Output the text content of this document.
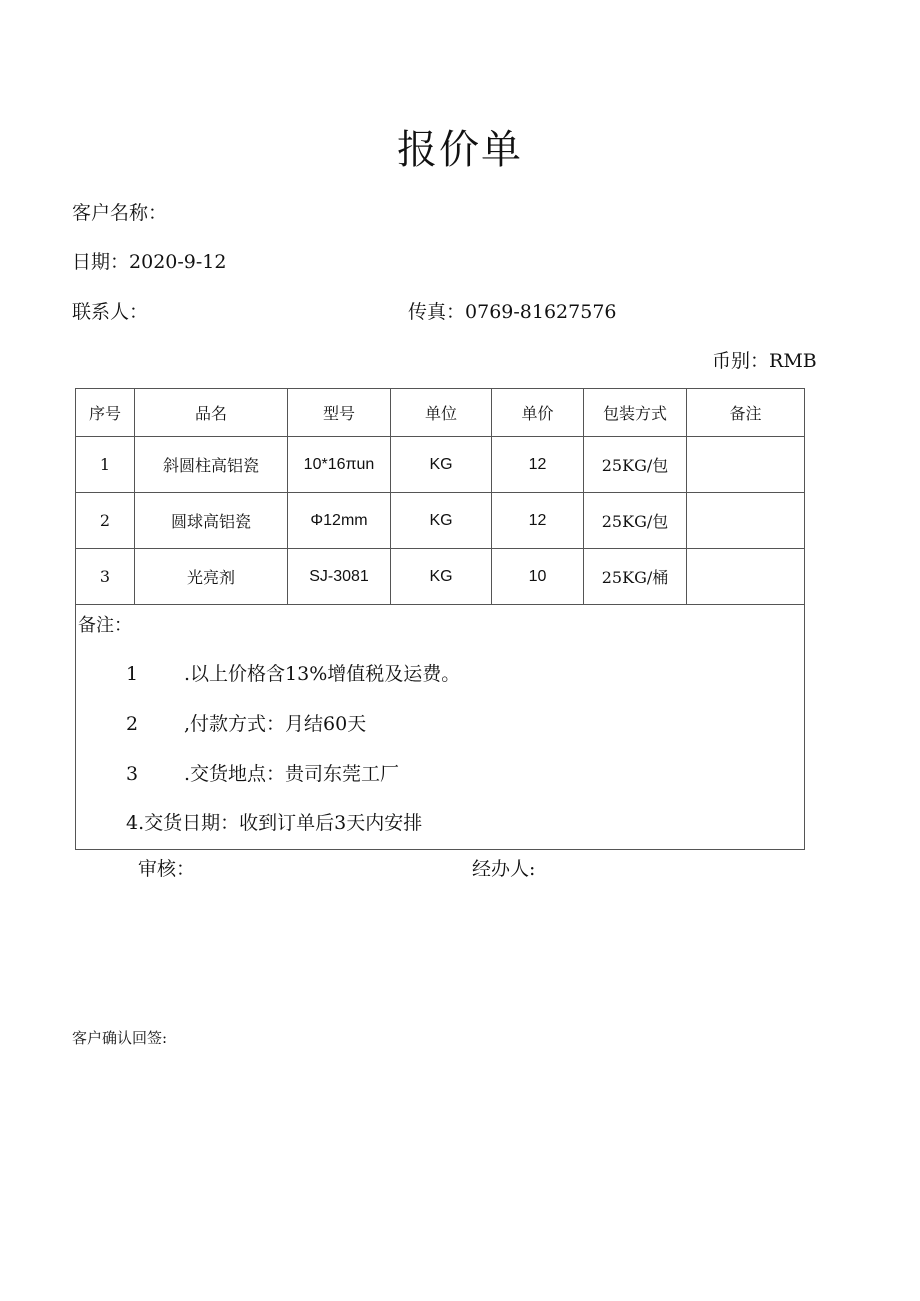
报价单
客户名称：
日期：2020-9-12
联系人：	传真：0769-81627576
币别：RMB
序号	品名	型号	单位	单价	包装方式	备注
1	斜圆柱高铝瓷	10*16πun	KG	12	25KG/包	
2	圆球高铝瓷	Φ12mm	KG	12	25KG/包	
3	光亮剂	SJ-3081	KG	10	25KG/桶	

备注：
1 .以上价格含13%增值税及运费。
2 ,付款方式：月结60天
3 .交货地点：贵司东莞工厂
4.交货日期：收到订单后3天内安排						
审核：	经办人:
客户确认回签:
